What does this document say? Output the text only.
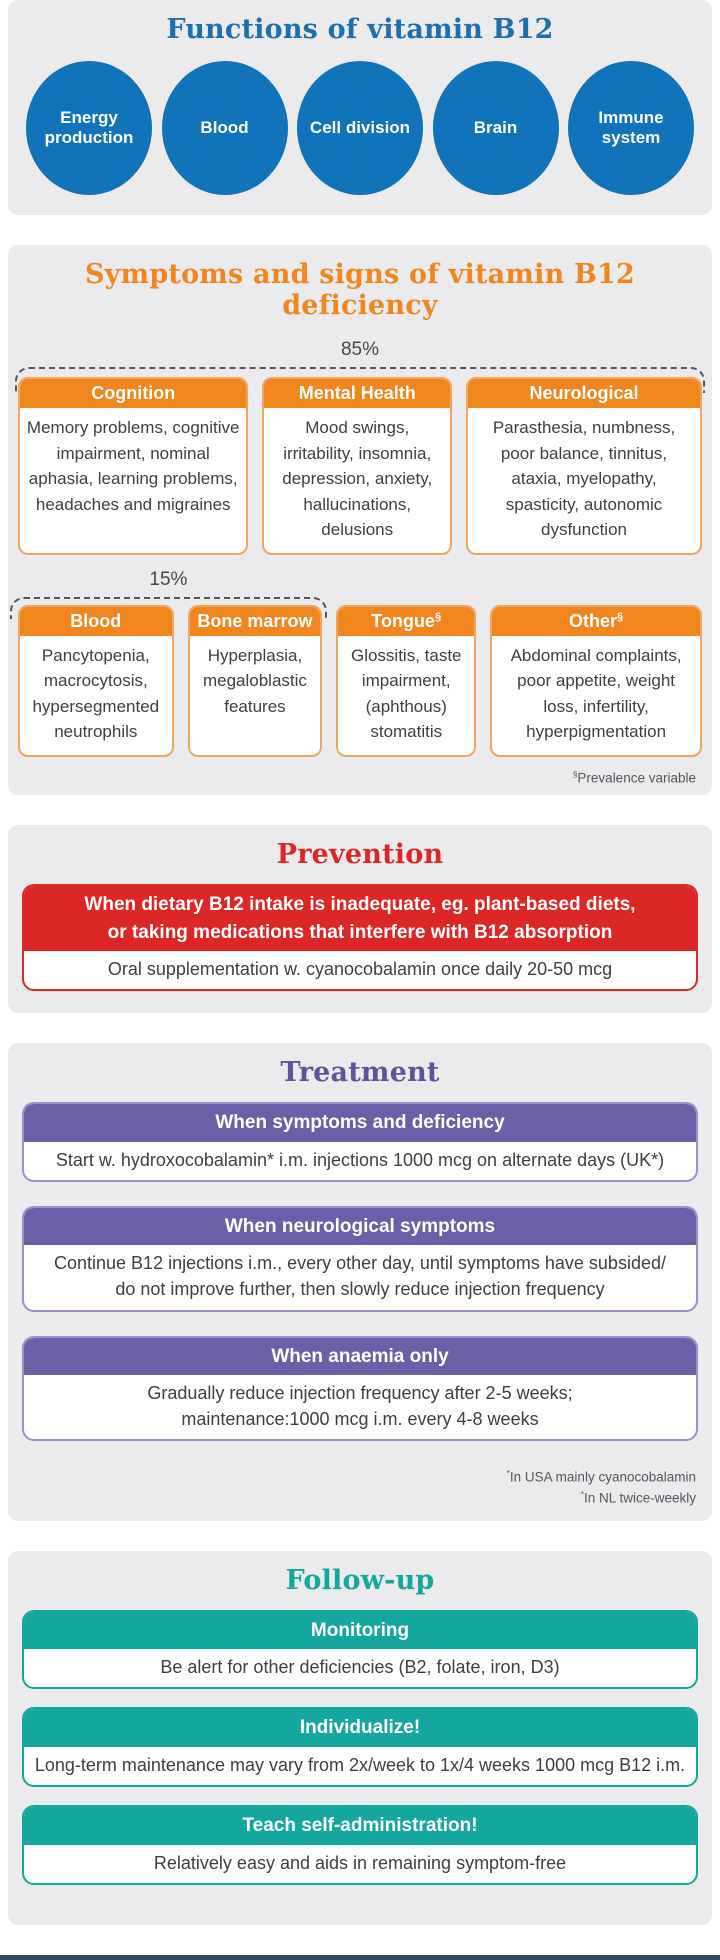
Functions of vitamin B12
Energy production
Blood	Cell division	Brain
Immune system
Symptoms and signs of vitamin B12 deficiency
85%
Cognition
Memory problems, cognitive impairment, nominal aphasia, learning problems, headaches and migraines
Mental Health
Mood swings, irritability, insomnia, depression, anxiety, hallucinations, delusions
Neurological
Parasthesia, numbness, poor balance, tinnitus, ataxia, myelopathy, spasticity, autonomic dysfunction
15%
Blood
Pancytopenia, macrocytosis, hypersegmented neutrophils
Bone marrow
Hyperplasia, megaloblastic features
Tongue§
Glossitis, taste impairment, (aphthous) stomatitis
Other§
Abdominal complaints, poor appetite, weight loss, infertility, hyperpigmentation
§Prevalence variable
Prevention
When dietary B12 intake is inadequate, eg. plant-based diets,
or taking medications that interfere with B12 absorption
Oral supplementation w. cyanocobalamin once daily 20-50 mcg
Treatment
When symptoms and deficiency
Start w. hydroxocobalamin* i.m. injections 1000 mcg on alternate days (UK*)
When neurological symptoms
Continue B12 injections i.m., every other day, until symptoms have subsided/
do not improve further, then slowly reduce injection frequency
When anaemia only
Gradually reduce injection frequency after 2-5 weeks;
maintenance:1000 mcg i.m. every 4-8 weeks
*In USA mainly cyanocobalamin
*In NL twice-weekly
Follow-up
Monitoring
Be alert for other deficiencies (B2, folate, iron, D3)
Individualize!
Long-term maintenance may vary from 2x/week to 1x/4 weeks 1000 mcg B12 i.m.
Teach self-administration!
Relatively easy and aids in remaining symptom-free
